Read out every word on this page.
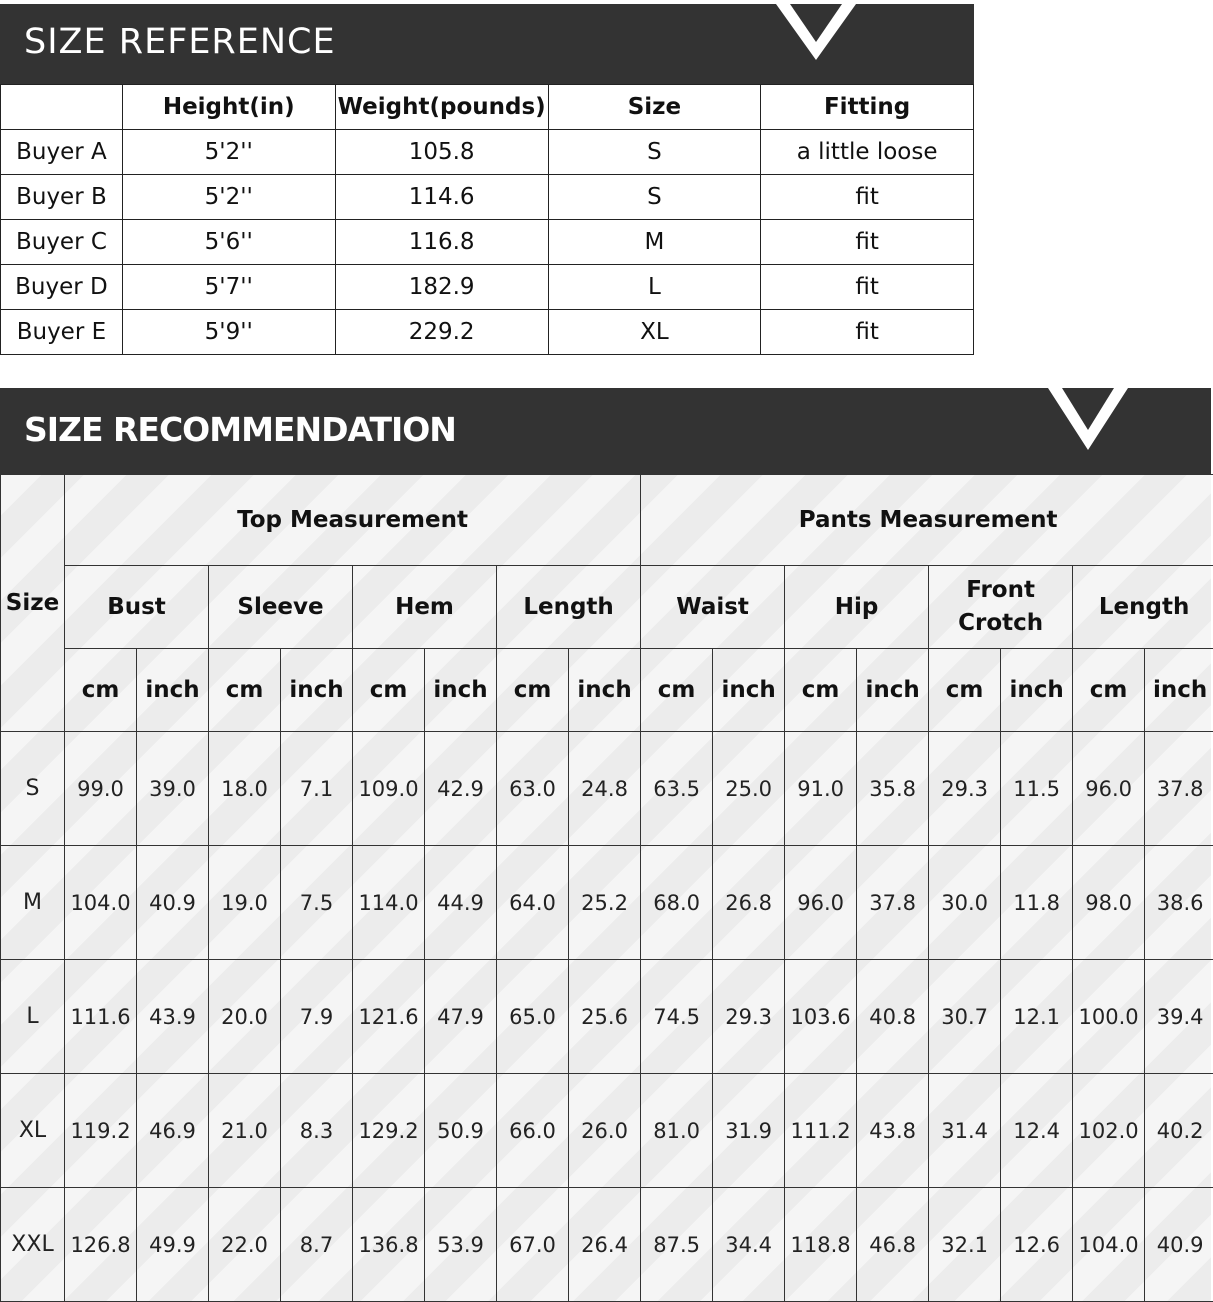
SIZE REFERENCE
	Height(in)	Weight(pounds)	Size	Fitting
Buyer A	5'2''	105.8	S	a little loose
Buyer B	5'2''	114.6	S	fit
Buyer C	5'6''	116.8	M	fit
Buyer D	5'7''	182.9	L	fit
Buyer E	5'9''	229.2	XL	fit
SIZE RECOMMENDATION
Size	Top Measurement								Pants Measurement							
	Bust		Sleeve		Hem		Length		Waist		Hip		Front Crotch		Length	
	cm	inch	cm	inch	cm	inch	cm	inch	cm	inch	cm	inch	cm	inch	cm	inch
S	99.0	39.0	18.0	7.1	109.0	42.9	63.0	24.8	63.5	25.0	91.0	35.8	29.3	11.5	96.0	37.8
M	104.0	40.9	19.0	7.5	114.0	44.9	64.0	25.2	68.0	26.8	96.0	37.8	30.0	11.8	98.0	38.6
L	111.6	43.9	20.0	7.9	121.6	47.9	65.0	25.6	74.5	29.3	103.6	40.8	30.7	12.1	100.0	39.4
XL	119.2	46.9	21.0	8.3	129.2	50.9	66.0	26.0	81.0	31.9	111.2	43.8	31.4	12.4	102.0	40.2
XXL	126.8	49.9	22.0	8.7	136.8	53.9	67.0	26.4	87.5	34.4	118.8	46.8	32.1	12.6	104.0	40.9
